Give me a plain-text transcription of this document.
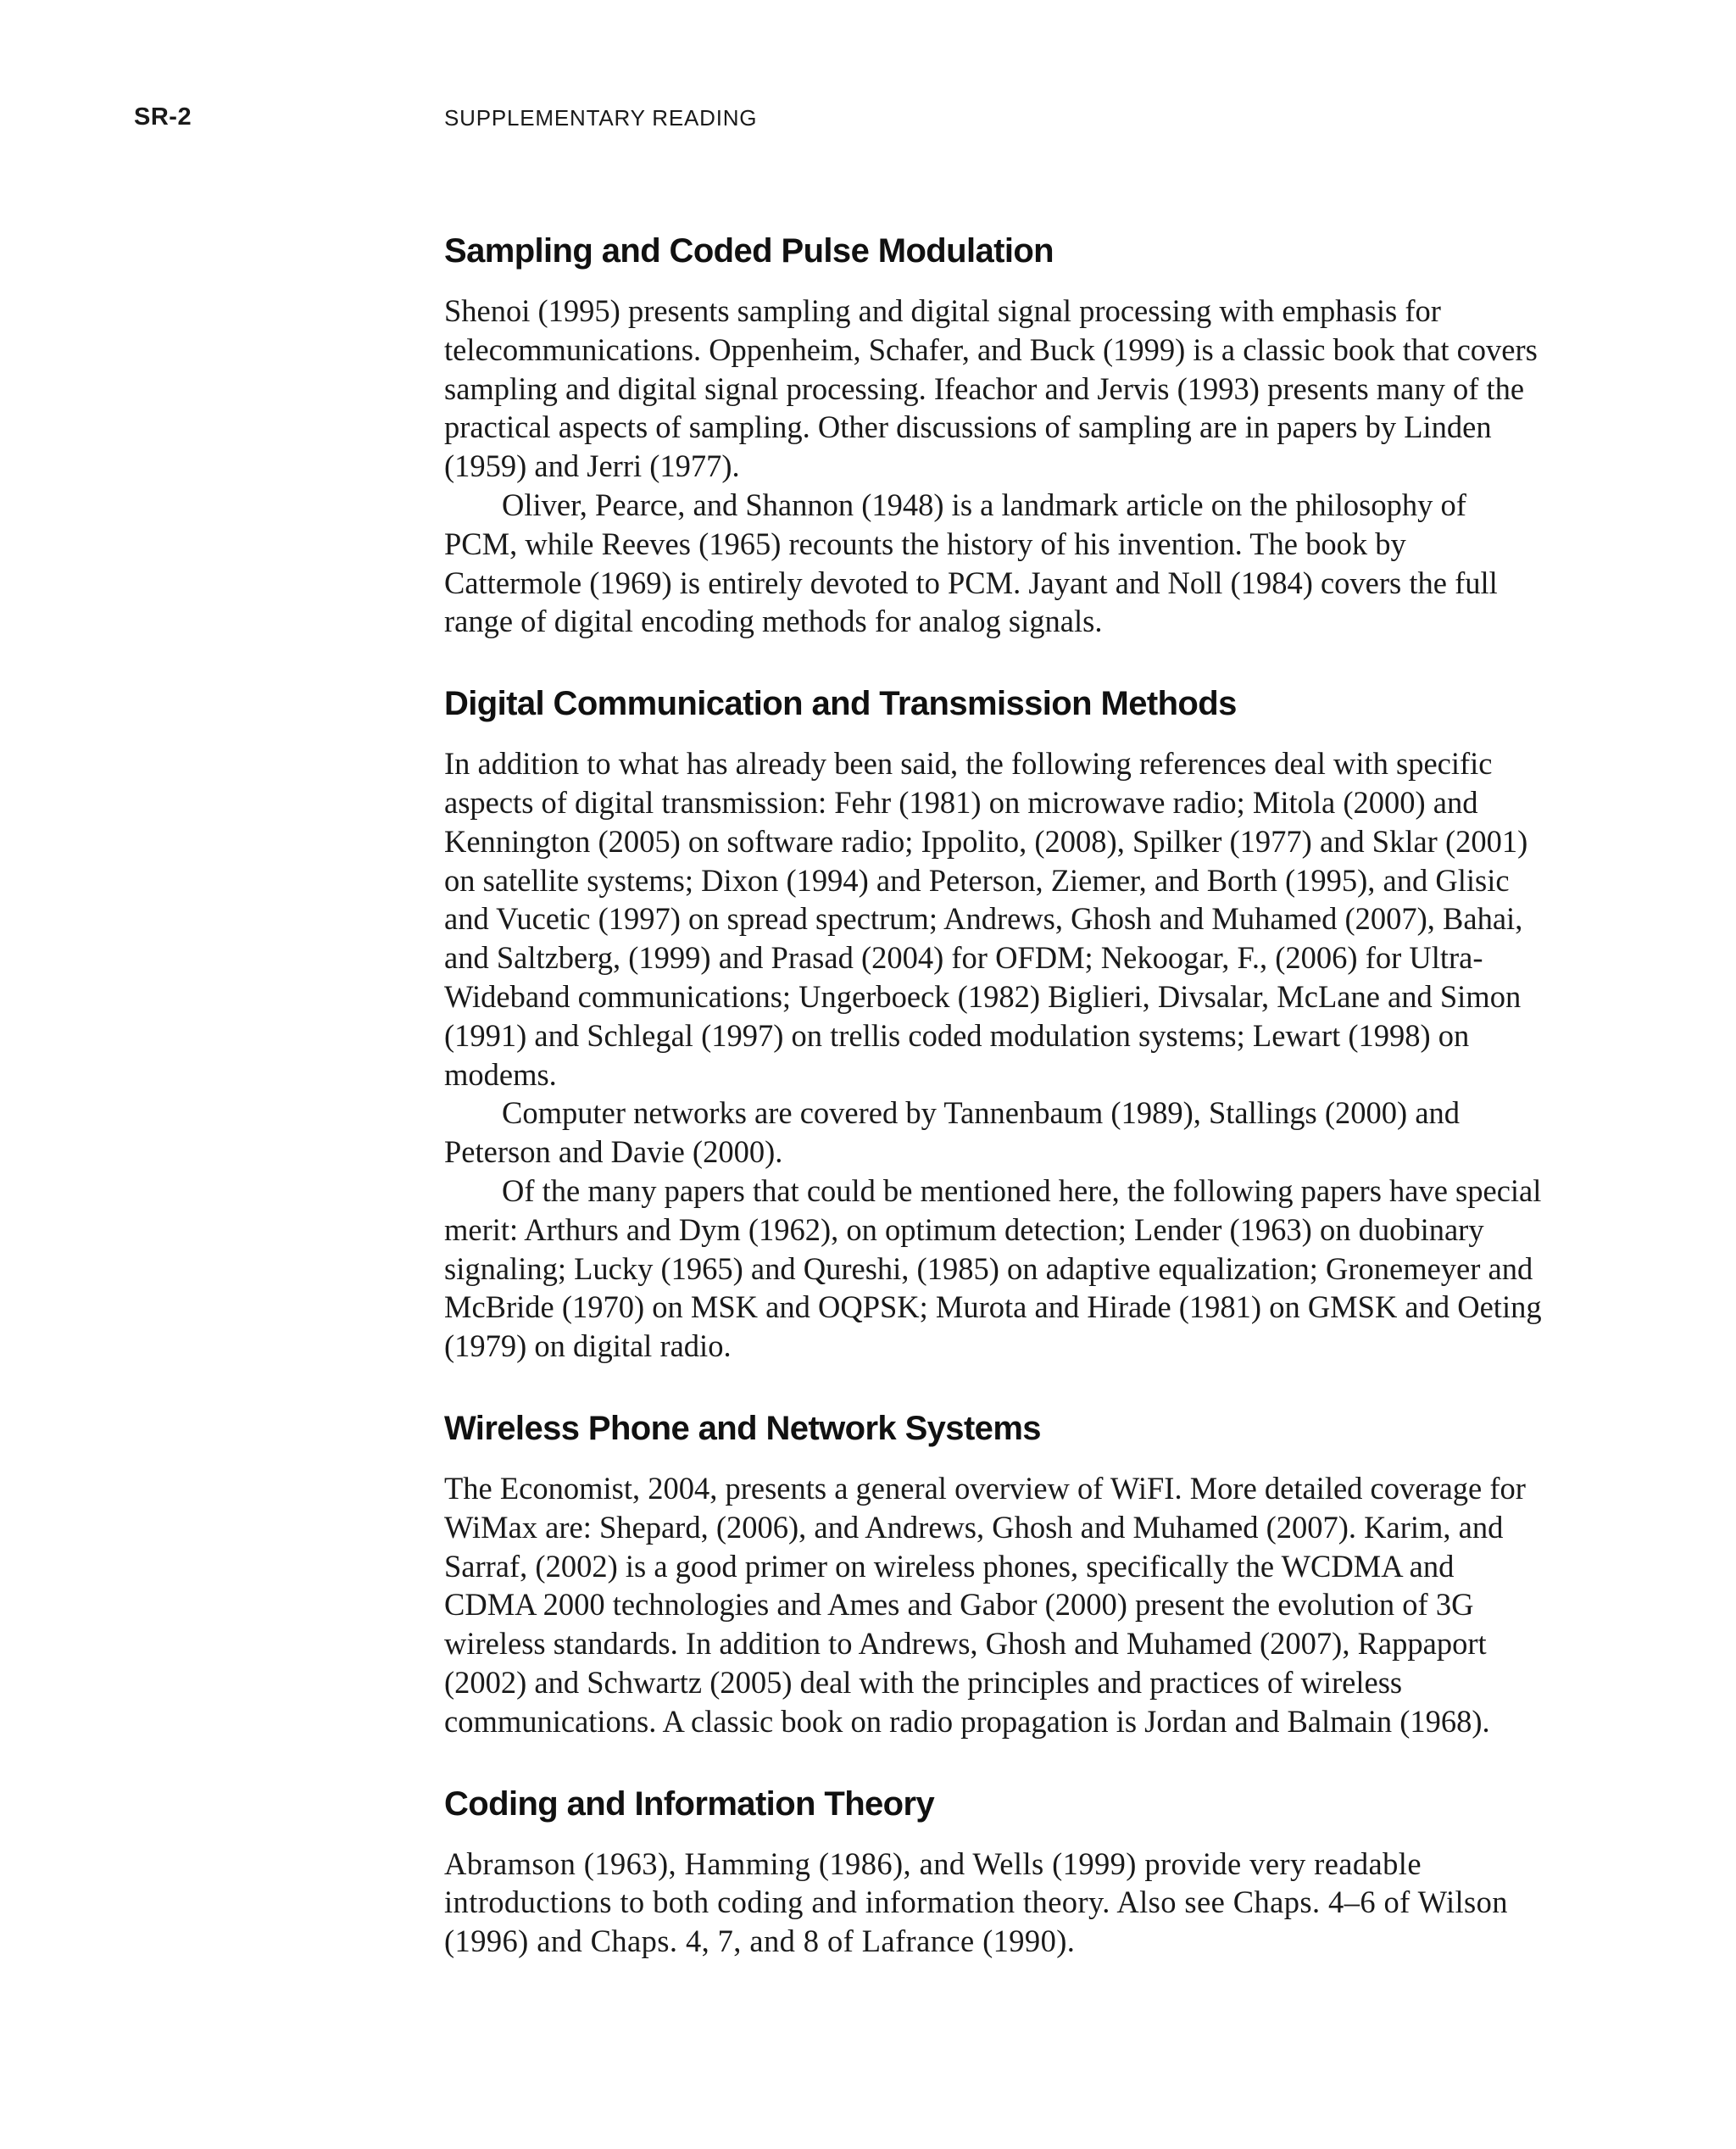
SR-2	SUPPLEMENTARY READING
Sampling and Coded Pulse Modulation

Shenoi (1995) presents sampling and digital signal processing with emphasis for telecommunications. Oppenheim, Schafer, and Buck (1999) is a classic book that covers sampling and digital signal processing. Ifeachor and Jervis (1993) presents many of the practical aspects of sampling. Other discussions of sampling are in papers by Linden (1959) and Jerri (1977).

Oliver, Pearce, and Shannon (1948) is a landmark article on the philosophy of PCM, while Reeves (1965) recounts the history of his invention. The book by Cattermole (1969) is entirely devoted to PCM. Jayant and Noll (1984) covers the full range of digital encoding methods for analog signals.

Digital Communication and Transmission Methods

In addition to what has already been said, the following references deal with specific aspects of digital transmission: Fehr (1981) on microwave radio; Mitola (2000) and Kennington (2005) on software radio; Ippolito, (2008), Spilker (1977) and Sklar (2001) on satellite systems; Dixon (1994) and Peterson, Ziemer, and Borth (1995), and Glisic and Vucetic (1997) on spread spectrum; Andrews, Ghosh and Muhamed (2007), Bahai, and Saltzberg, (1999) and Prasad (2004) for OFDM; Nekoogar, F., (2006) for Ultra-Wideband communications; Ungerboeck (1982) Biglieri, Divsalar, McLane and Simon (1991) and Schlegal (1997) on trellis coded modulation systems; Lewart (1998) on modems.

Computer networks are covered by Tannenbaum (1989), Stallings (2000) and Peterson and Davie (2000).

Of the many papers that could be mentioned here, the following papers have special merit: Arthurs and Dym (1962), on optimum detection; Lender (1963) on duobinary signaling; Lucky (1965) and Qureshi, (1985) on adaptive equalization; Gronemeyer and McBride (1970) on MSK and OQPSK; Murota and Hirade (1981) on GMSK and Oeting (1979) on digital radio.

Wireless Phone and Network Systems

The Economist, 2004, presents a general overview of WiFI. More detailed coverage for WiMax are: Shepard, (2006), and Andrews, Ghosh and Muhamed (2007). Karim, and Sarraf, (2002) is a good primer on wireless phones, specifically the WCDMA and CDMA 2000 technologies and Ames and Gabor (2000) present the evolution of 3G wireless standards. In addition to Andrews, Ghosh and Muhamed (2007), Rappaport (2002) and Schwartz (2005) deal with the principles and practices of wireless communications. A classic book on radio propagation is Jordan and Balmain (1968).

Coding and Information Theory

Abramson (1963), Hamming (1986), and Wells (1999) provide very readable introductions to both coding and information theory. Also see Chaps. 4–6 of Wilson (1996) and Chaps. 4, 7, and 8 of Lafrance (1990).
